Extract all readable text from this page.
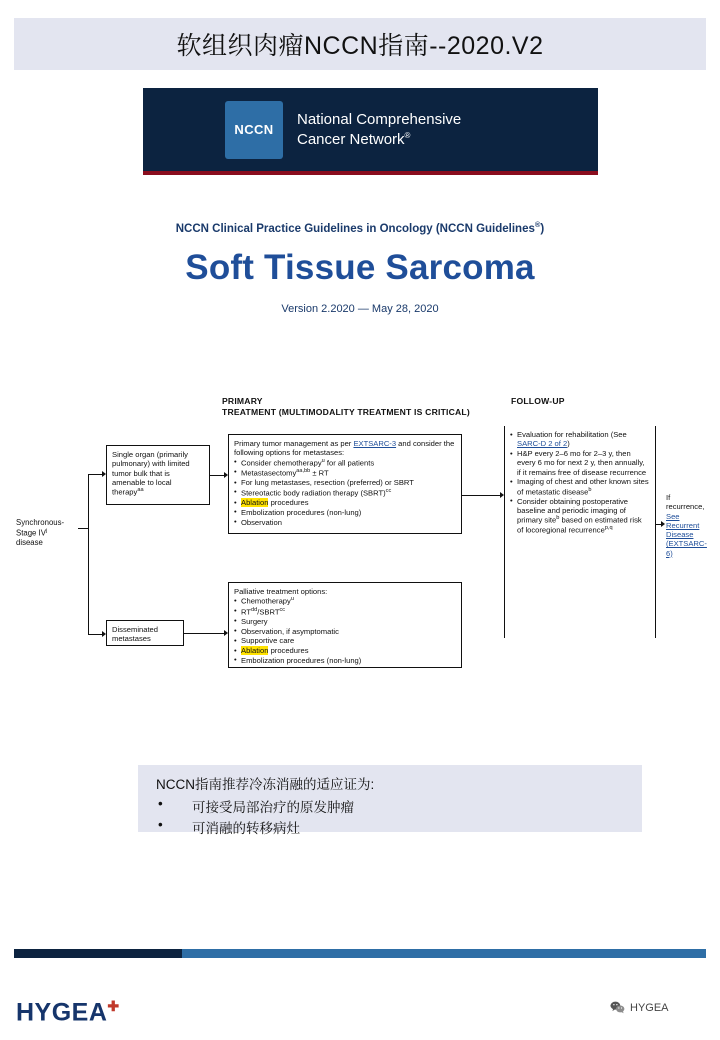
软组织肉瘤NCCN指南--2020.V2
NCCN
National Comprehensive
Cancer Network®
NCCN Clinical Practice Guidelines in Oncology (NCCN Guidelines®)
Soft Tissue Sarcoma
Version 2.2020 — May 28, 2020
PRIMARY
TREATMENT (MULTIMODALITY TREATMENT IS CRITICAL)
FOLLOW-UP
Synchronous-
Stage $IV^j$
disease
Single organ (primarily pulmonary) with limited tumor bulk that is amenable to local therapy$^{aa}$
Disseminated
metastases
Primary tumor management as per EXTSARC-3 and consider the following options for metastases:
• Consider chemotherapy$^u$ for all patients
• Metastasectomy$^{aa,bb}$ ± RT
• For lung metastases, resection (preferred) or SBRT
• Stereotactic body radiation therapy (SBRT)$^{cc}$
• Ablation procedures
• Embolization procedures (non-lung)
• Observation
Palliative treatment options:
• Chemotherapy$^u$
• $RT^{dd}/SBRT^{cc}$
• Surgery
• Observation, if asymptomatic
• Supportive care
• Ablation procedures
• Embolization procedures (non-lung)
• Evaluation for rehabilitation (See SARC-D 2 of 2)
• H&P every 2–6 mo for 2–3 y, then every 6 mo for next 2 y, then annually, if it remains free of disease recurrence
• Imaging of chest and other known sites of metastatic disease$^b$
• Consider obtaining postoperative baseline and periodic imaging of primary site$^b$ based on estimated risk of locoregional recurrence$^{p,q}$
If recurrence,
See
Recurrent
Disease
(EXTSARC-6)
NCCN指南推荐冷冻消融的适应证为:
•	可接受局部治疗的原发肿瘤
•	可消融的转移病灶
HYGEA✚	HYGEA
